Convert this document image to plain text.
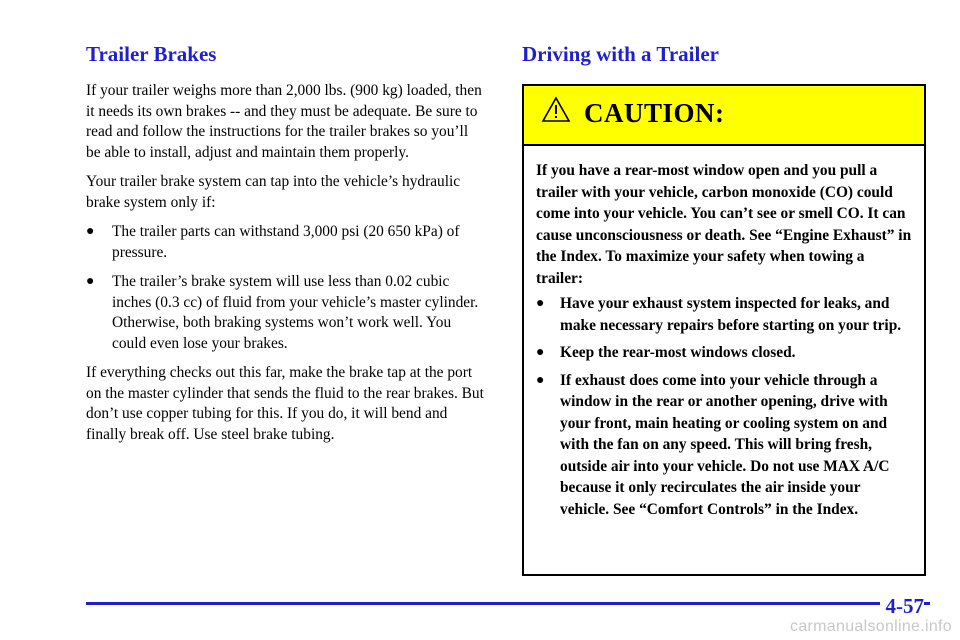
Trailer Brakes

If your trailer weighs more than 2,000 lbs. (900 kg) loaded, then it needs its own brakes -- and they must be adequate. Be sure to read and follow the instructions for the trailer brakes so you’ll be able to install, adjust and maintain them properly.

Your trailer brake system can tap into the vehicle’s hydraulic brake system only if:

● The trailer parts can withstand 3,000 psi (20 650 kPa) of pressure.
● The trailer’s brake system will use less than 0.02 cubic inches (0.3 cc) of fluid from your vehicle’s master cylinder. Otherwise, both braking systems won’t work well. You could even lose your brakes.

If everything checks out this far, make the brake tap at the port on the master cylinder that sends the fluid to the rear brakes. But don’t use copper tubing for this. If you do, it will bend and finally break off. Use steel brake tubing.

Driving with a Trailer
CAUTION:

If you have a rear-most window open and you pull a trailer with your vehicle, carbon monoxide (CO) could come into your vehicle. You can’t see or smell CO. It can cause unconsciousness or death. See “Engine Exhaust” in the Index. To maximize your safety when towing a trailer:

● Have your exhaust system inspected for leaks, and make necessary repairs before starting on your trip.
● Keep the rear-most windows closed.
● If exhaust does come into your vehicle through a window in the rear or another opening, drive with your front, main heating or cooling system on and with the fan on any speed. This will bring fresh, outside air into your vehicle. Do not use MAX A/C because it only recirculates the air inside your vehicle. See “Comfort Controls” in the Index.
4-57
carmanualsonline.info
